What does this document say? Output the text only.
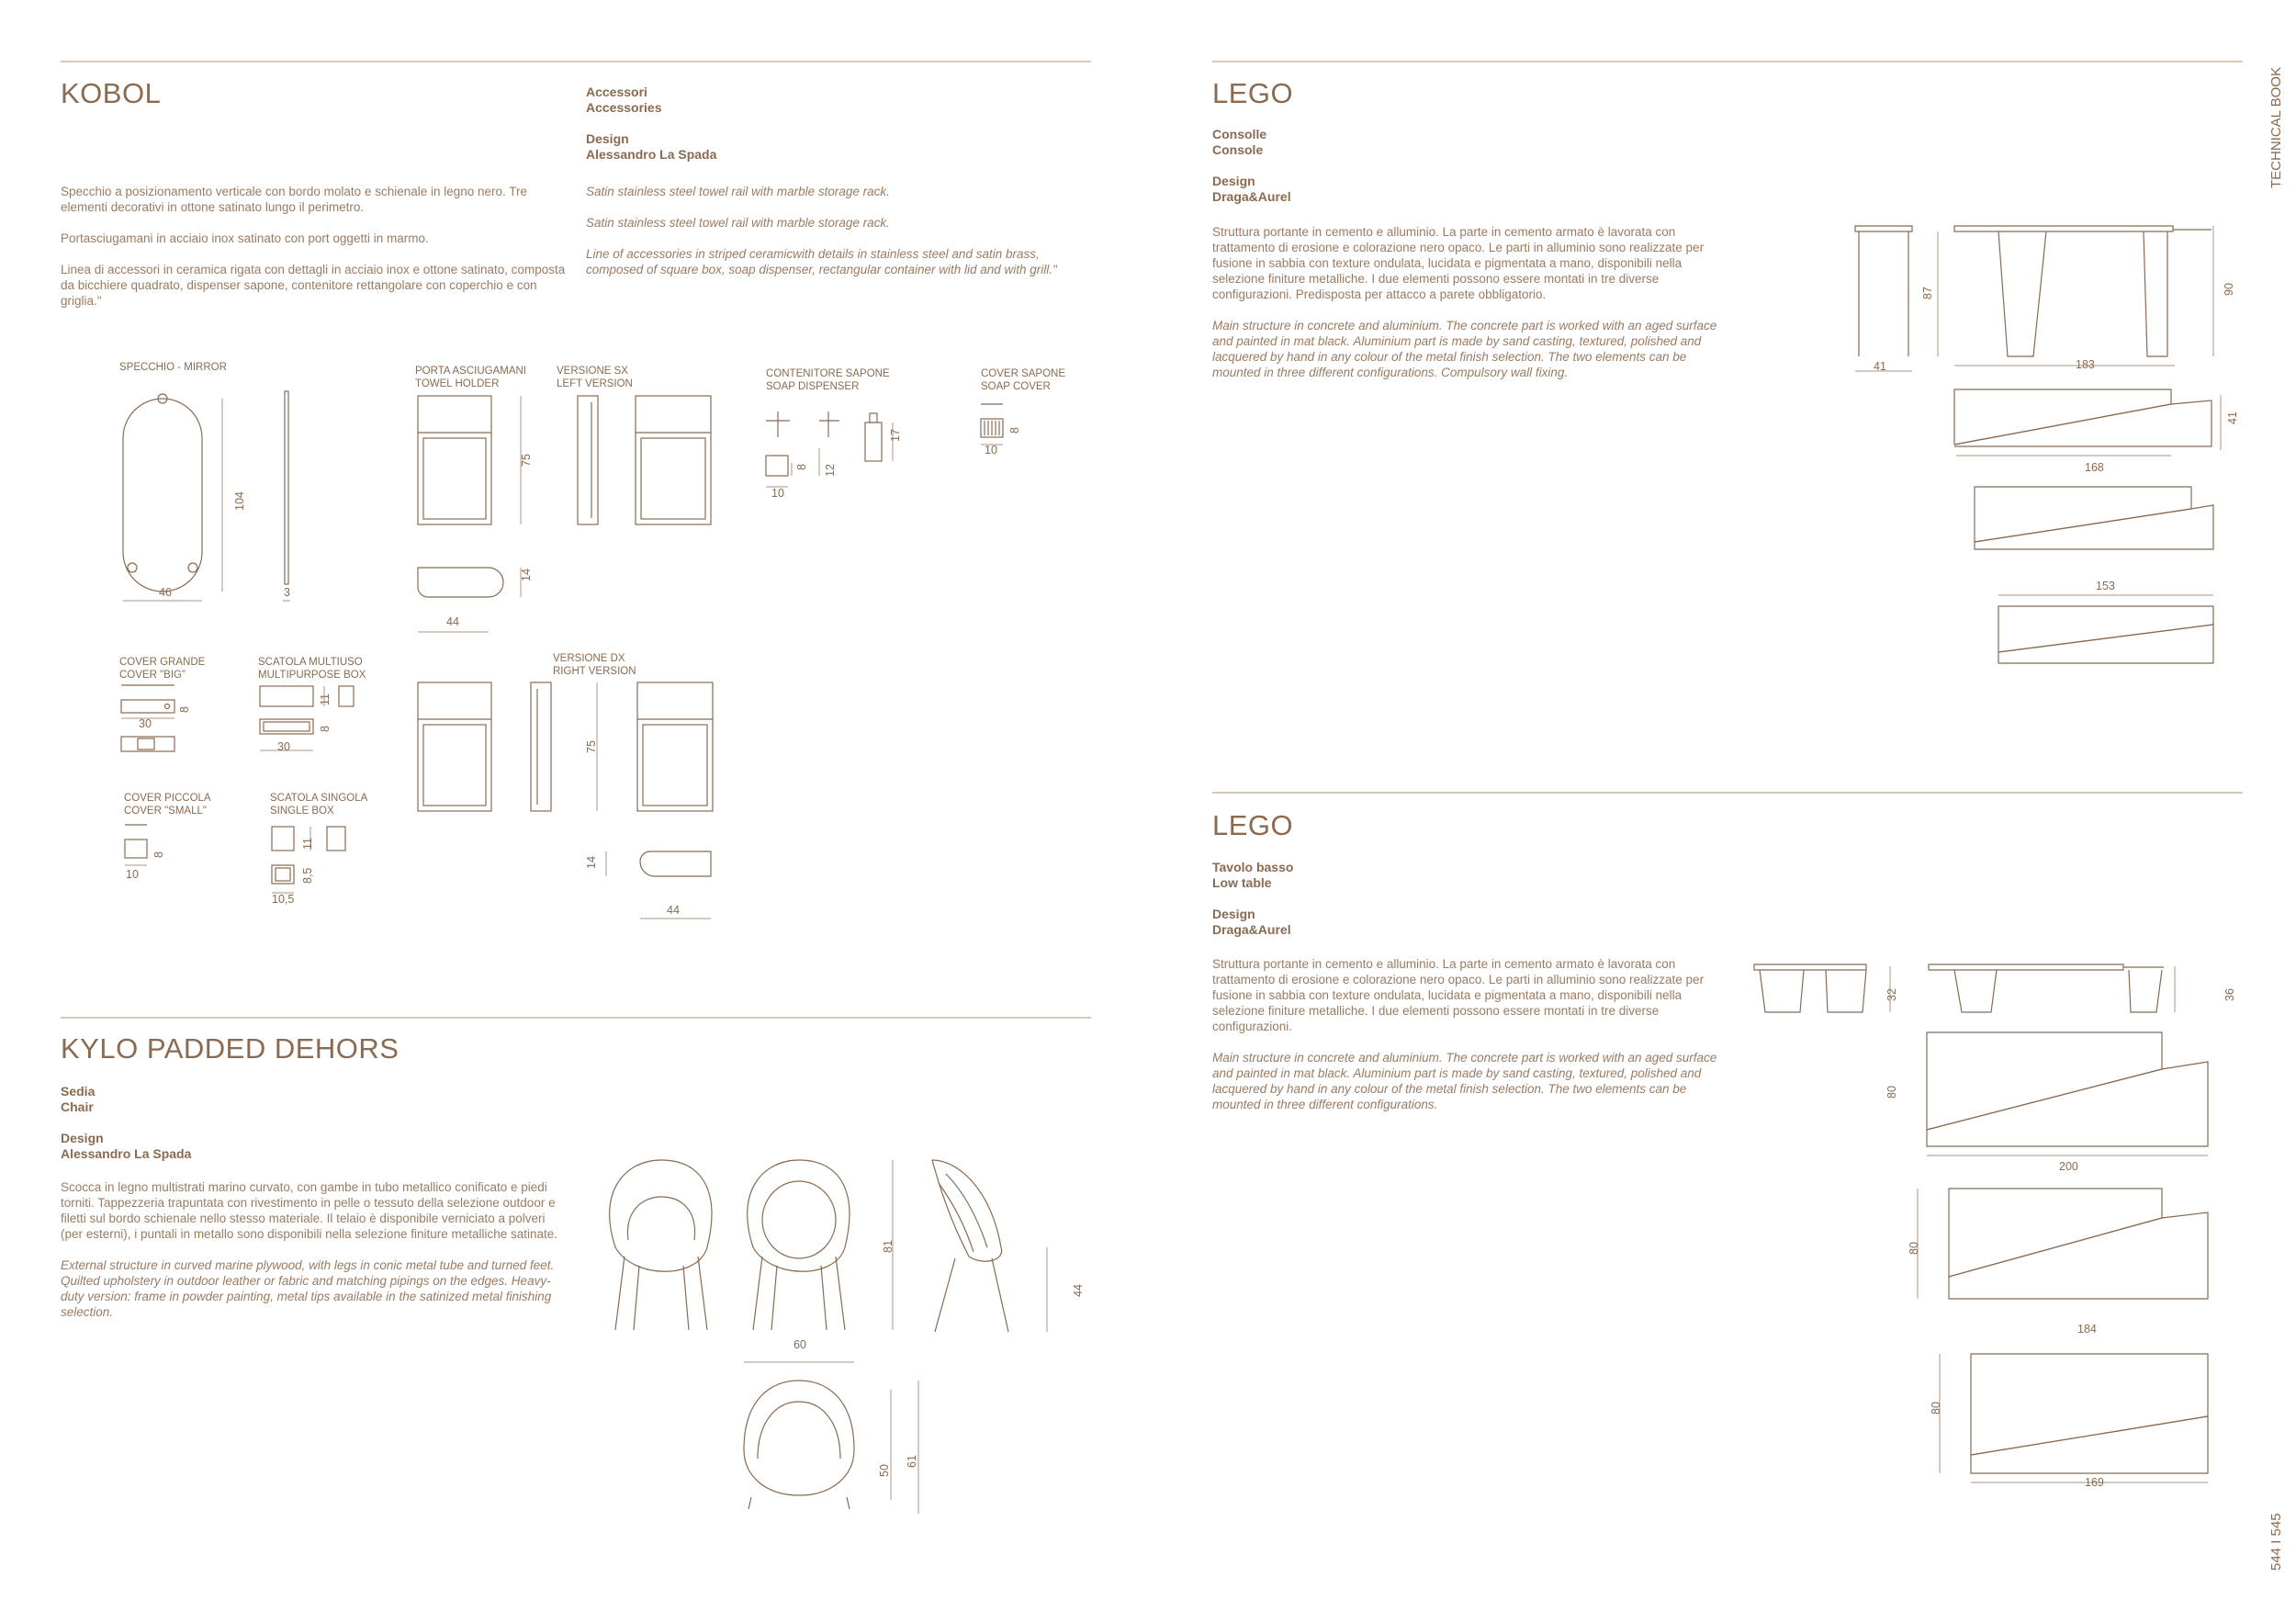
TECHNICAL BOOK
544 I 545
KOBOL	Accessori
Accessories
Design
Alessandro La Spada

Specchio a posizionamento verticale con bordo molato e schienale in legno nero. Tre elementi decorativi in ottone satinato lungo il perimetro.

Portasciugamani in acciaio inox satinato con port oggetti in marmo.

Linea di accessori in ceramica rigata con dettagli in acciaio inox e ottone satinato, composta da bicchiere quadrato, dispenser sapone, contenitore rettangolare con coperchio e con griglia."

Satin stainless steel towel rail with marble storage rack.

Satin stainless steel towel rail with marble storage rack.

Line of accessories in striped ceramicwith details in stainless steel and satin brass, composed of square box, soap dispenser, rectangular container with lid and with grill."

SPECCHIO - MIRROR
46
104
3
PORTA ASCIUGAMANI
TOWEL HOLDER
VERSIONE SX
LEFT VERSION
75
14
44
CONTENITORE SAPONE
SOAP DISPENSER
17
8 12
10
COVER SAPONE
SOAP COVER
8
10
COVER GRANDE
COVER "BIG"
8
30
SCATOLA MULTIUSO
MULTIPURPOSE BOX
11
8
30
VERSIONE DX
RIGHT VERSION
75
14
44
COVER PICCOLA
COVER "SMALL"
8
10
SCATOLA SINGOLA
SINGLE BOX
11
8,5
10,5
KYLO PADDED DEHORS
Sedia
Chair
Design
Alessandro La Spada

Scocca in legno multistrati marino curvato, con gambe in tubo metallico conificato e piedi torniti. Tappezzeria trapuntata con rivestimento in pelle o tessuto della selezione outdoor e filetti sul bordo schienale nello stesso materiale. Il telaio è disponibile verniciato a polveri (per esterni), i puntali in metallo sono disponibili nella selezione finiture metalliche satinate.

External structure in curved marine plywood, with legs in conic metal tube and turned feet. Quilted upholstery in outdoor leather or fabric and matching pipings on the edges. Heavy-duty version: frame in powder painting, metal tips available in the satinized metal finishing selection.

60
81
44
50
61
LEGO
Consolle
Console
Design
Draga&Aurel

Struttura portante in cemento e alluminio. La parte in cemento armato è lavorata con trattamento di erosione e colorazione nero opaco. Le parti in alluminio sono realizzate per fusione in sabbia con texture ondulata, lucidata e pigmentata a mano, disponibili nella selezione finiture metalliche. I due elementi possono essere montati in tre diverse configurazioni. Predisposta per attacco a parete obbligatorio.

Main structure in concrete and aluminium. The concrete part is worked with an aged surface and painted in mat black. Aluminium part is made by sand casting, textured, polished and lacquered by hand in any colour of the metal finish selection. The two elements can be mounted in three different configurations. Compulsory wall fixing.	41
87
183
90
41
168
153
LEGO
Tavolo basso
Low table
Design
Draga&Aurel

Struttura portante in cemento e alluminio. La parte in cemento armato è lavorata con trattamento di erosione e colorazione nero opaco. Le parti in alluminio sono realizzate per fusione in sabbia con texture ondulata, lucidata e pigmentata a mano, disponibili nella selezione finiture metalliche. I due elementi possono essere montati in tre diverse configurazioni.

Main structure in concrete and aluminium. The concrete part is worked with an aged surface and painted in mat black. Aluminium part is made by sand casting, textured, polished and lacquered by hand in any colour of the metal finish selection. The two elements can be mounted in three different configurations.

32	36
80
200
80
184
80
169
